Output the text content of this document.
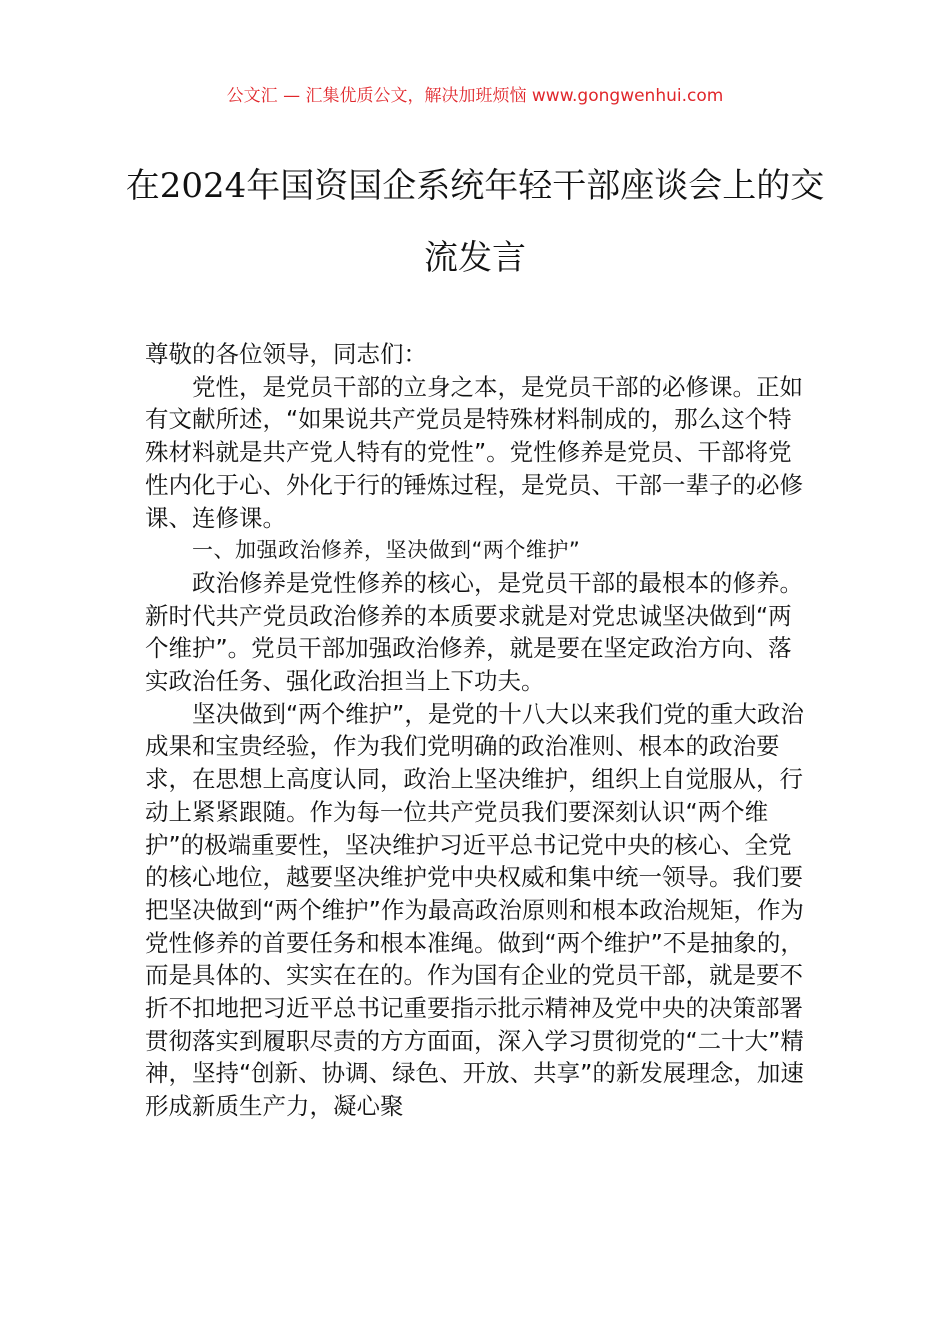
公文汇 — 汇集优质公文，解决加班烦恼 www.gongwenhui.com
在2024年国资国企系统年轻干部座谈会上的交流发言

尊敬的各位领导，同志们：

党性，是党员干部的立身之本，是党员干部的必修课。正如有文献所述，“如果说共产党员是特殊材料制成的，那么这个特殊材料就是共产党人特有的党性”。党性修养是党员、干部将党性内化于心、外化于行的锤炼过程，是党员、干部一辈子的必修课、连修课。

一、加强政治修养，坚决做到“两个维护”

政治修养是党性修养的核心，是党员干部的最根本的修养。新时代共产党员政治修养的本质要求就是对党忠诚坚决做到“两个维护”。党员干部加强政治修养，就是要在坚定政治方向、落实政治任务、强化政治担当上下功夫。

坚决做到“两个维护”，是党的十八大以来我们党的重大政治成果和宝贵经验，作为我们党明确的政治准则、根本的政治要求，在思想上高度认同，政治上坚决维护，组织上自觉服从，行动上紧紧跟随。作为每一位共产党员我们要深刻认识“两个维护”的极端重要性，坚决维护习近平总书记党中央的核心、全党的核心地位，越要坚决维护党中央权威和集中统一领导。我们要把坚决做到“两个维护”作为最高政治原则和根本政治规矩，作为党性修养的首要任务和根本准绳。做到“两个维护”不是抽象的，而是具体的、实实在在的。作为国有企业的党员干部，就是要不折不扣地把习近平总书记重要指示批示精神及党中央的决策部署贯彻落实到履职尽责的方方面面，深入学习贯彻党的“二十大”精神，坚持“创新、协调、绿色、开放、共享”的新发展理念，加速形成新质生产力，凝心聚
